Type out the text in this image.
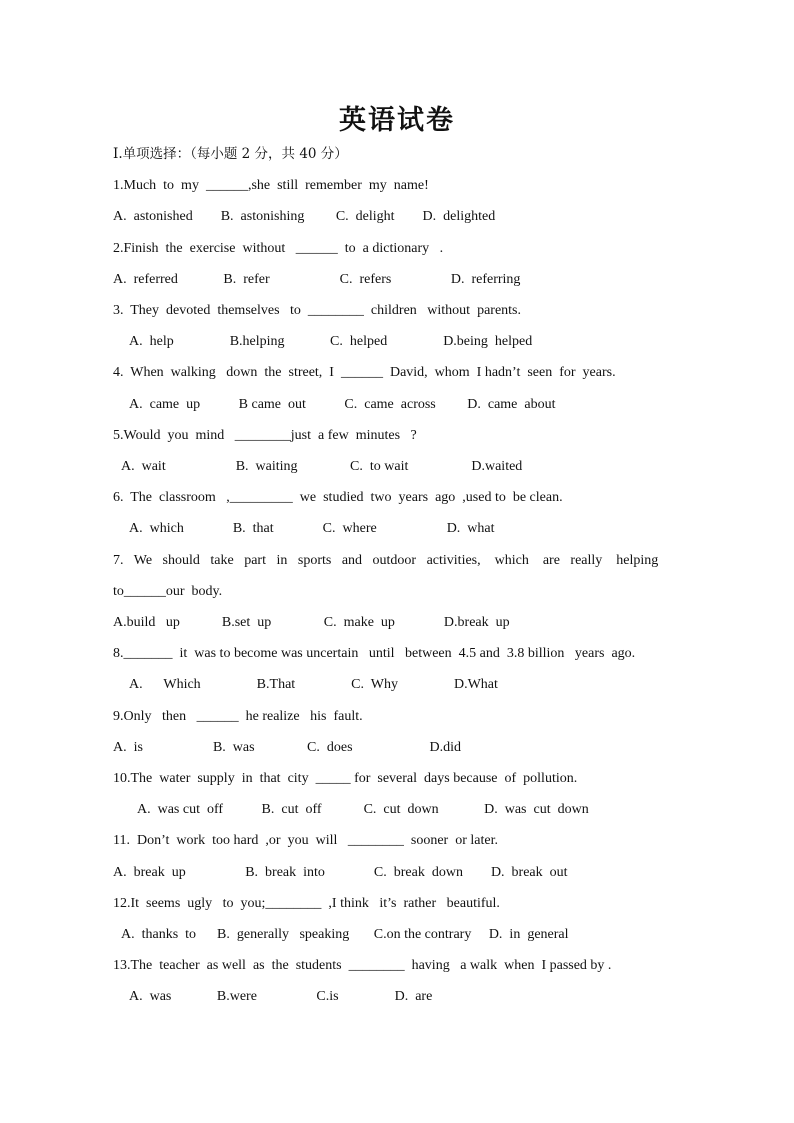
英语试卷
I.单项选择：（每小题 2 分，共 40 分）
1.Much  to  my  ______,she  still  remember  my  name!
A.  astonished        B.  astonishing         C.  delight        D.  delighted
2.Finish  the  exercise  without   ______  to  a dictionary   .
A.  referred             B.  refer                    C.  refers                 D.  referring
3.  They  devoted  themselves   to  ________  children   without  parents.
A.  help                B.helping             C.  helped                D.being  helped
4.  When  walking   down  the  street,  I  ______  David,  whom  I hadn’t  seen  for  years.
A.  came  up           B came  out           C.  came  across         D.  came  about
5.Would  you  mind   ________just  a few  minutes   ?
A.  wait                    B.  waiting               C.  to wait                  D.waited
6.  The  classroom   ,_________  we  studied  two  years  ago  ,used to  be clean.
A.  which              B.  that              C.  where                    D.  what
7.   We   should   take   part   in   sports   and   outdoor   activities,    which    are   really    helping
to______our  body.
A.build   up            B.set  up               C.  make  up              D.break  up
8._______  it  was to become was uncertain   until   between  4.5 and  3.8 billion   years  ago.
A.      Which                B.That                C.  Why                D.What
9.Only   then   ______  he realize   his  fault.
A.  is                    B.  was               C.  does                      D.did
10.The  water  supply  in  that  city  _____ for  several  days because  of  pollution.
A.  was cut  off           B.  cut  off            C.  cut  down             D.  was  cut  down
11.  Don’t  work  too hard  ,or  you  will   ________  sooner  or later.
A.  break  up                 B.  break  into              C.  break  down        D.  break  out
12.It  seems  ugly   to  you;________  ,I think   it’s  rather   beautiful.
A.  thanks  to      B.  generally   speaking       C.on the contrary     D.  in  general
13.The  teacher  as well  as  the  students  ________  having   a walk  when  I passed by .
A.  was             B.were                 C.is                D.  are
